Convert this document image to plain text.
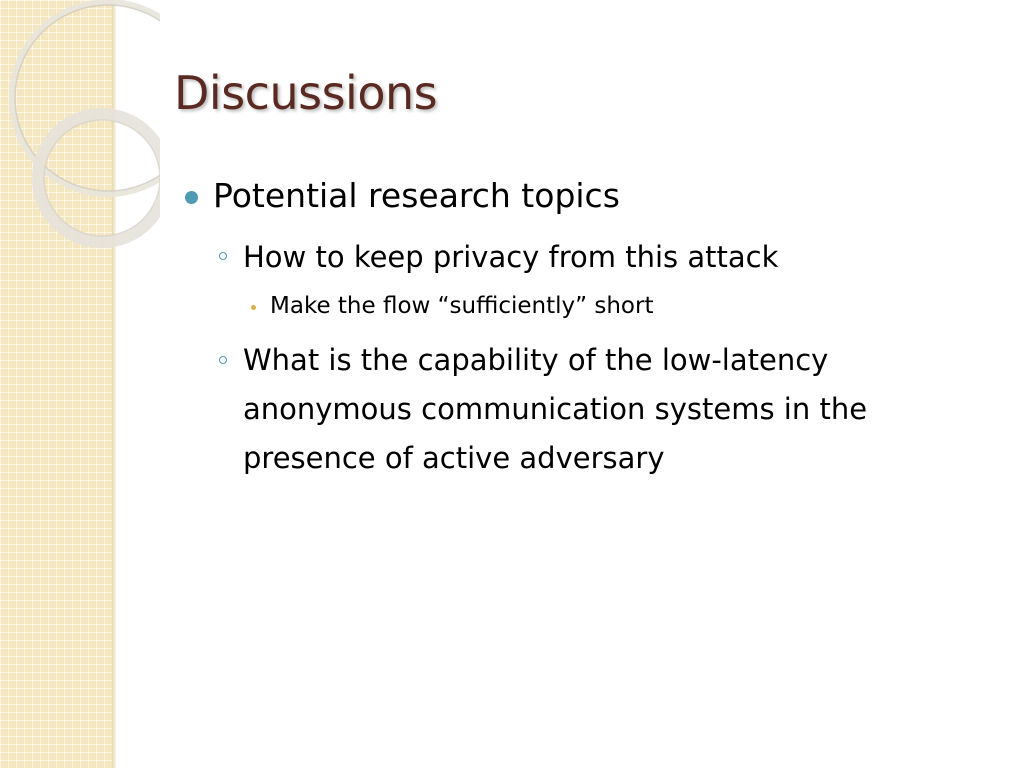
Discussions
Potential research topics
How to keep privacy from this attack
Make the flow “sufficiently” short
What is the capability of the low-latency anonymous communication systems in the presence of active adversary
